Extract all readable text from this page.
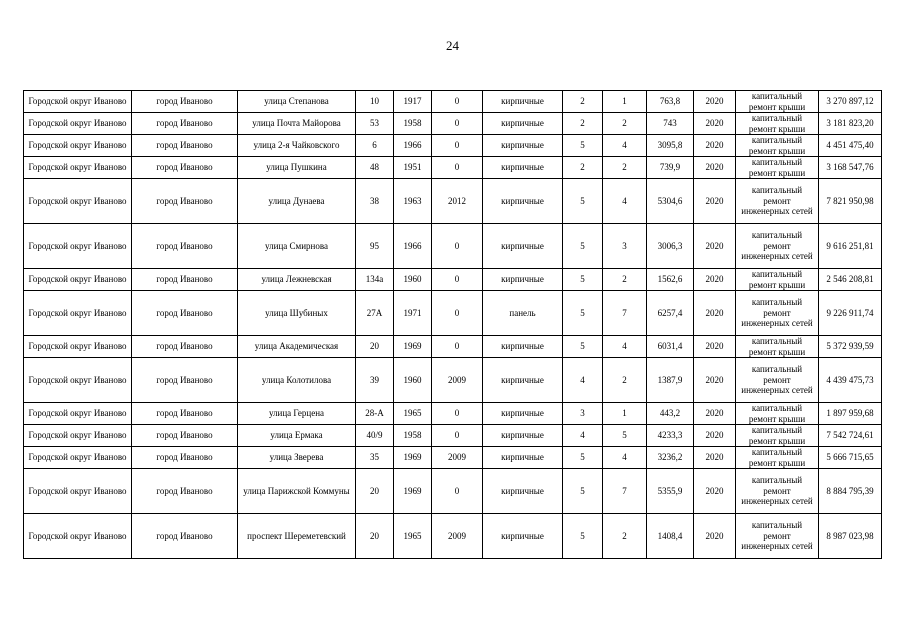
24
Городской округ Иваново	город Иваново	улица Степанова	10	1917	0	кирпичные	2	1	763,8	2020	капитальный ремонт крыши	3 270 897,12
Городской округ Иваново	город Иваново	улица Почта Майорова	53	1958	0	кирпичные	2	2	743	2020	капитальный ремонт крыши	3 181 823,20
Городской округ Иваново	город Иваново	улица 2-я Чайковского	6	1966	0	кирпичные	5	4	3095,8	2020	капитальный ремонт крыши	4 451 475,40
Городской округ Иваново	город Иваново	улица Пушкина	48	1951	0	кирпичные	2	2	739,9	2020	капитальный ремонт крыши	3 168 547,76
Городской округ Иваново	город Иваново	улица Дунаева	38	1963	2012	кирпичные	5	4	5304,6	2020	капитальный ремонт инженерных сетей	7 821 950,98
Городской округ Иваново	город Иваново	улица Смирнова	95	1966	0	кирпичные	5	3	3006,3	2020	капитальный ремонт инженерных сетей	9 616 251,81
Городской округ Иваново	город Иваново	улица Лежневская	134а	1960	0	кирпичные	5	2	1562,6	2020	капитальный ремонт крыши	2 546 208,81
Городской округ Иваново	город Иваново	улица Шубиных	27А	1971	0	панель	5	7	6257,4	2020	капитальный ремонт инженерных сетей	9 226 911,74
Городской округ Иваново	город Иваново	улица Академическая	20	1969	0	кирпичные	5	4	6031,4	2020	капитальный ремонт крыши	5 372 939,59
Городской округ Иваново	город Иваново	улица Колотилова	39	1960	2009	кирпичные	4	2	1387,9	2020	капитальный ремонт инженерных сетей	4 439 475,73
Городской округ Иваново	город Иваново	улица Герцена	28-А	1965	0	кирпичные	3	1	443,2	2020	капитальный ремонт крыши	1 897 959,68
Городской округ Иваново	город Иваново	улица Ермака	40/9	1958	0	кирпичные	4	5	4233,3	2020	капитальный ремонт крыши	7 542 724,61
Городской округ Иваново	город Иваново	улица Зверева	35	1969	2009	кирпичные	5	4	3236,2	2020	капитальный ремонт крыши	5 666 715,65
Городской округ Иваново	город Иваново	улица Парижской Коммуны	20	1969	0	кирпичные	5	7	5355,9	2020	капитальный ремонт инженерных сетей	8 884 795,39
Городской округ Иваново	город Иваново	проспект Шереметевский	20	1965	2009	кирпичные	5	2	1408,4	2020	капитальный ремонт инженерных сетей	8 987 023,98
